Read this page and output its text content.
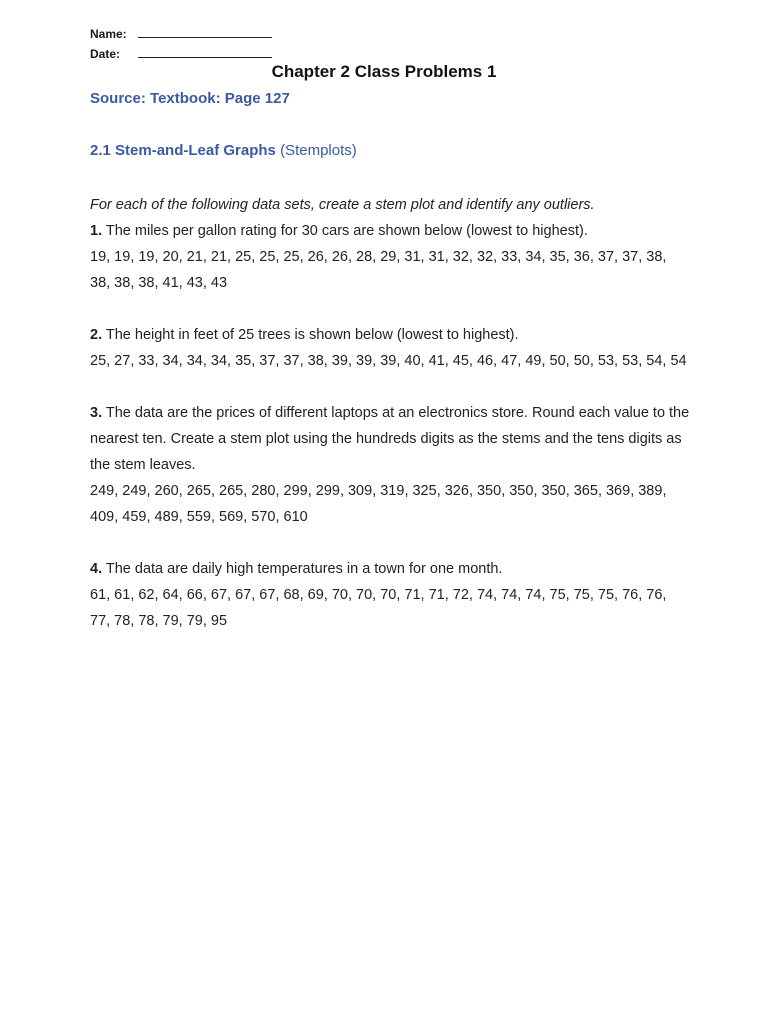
Name:
Date:
Chapter 2 Class Problems 1
Source: Textbook: Page 127
2.1 Stem-and-Leaf Graphs (Stemplots)

For each of the following data sets, create a stem plot and identify any outliers.

1. The miles per gallon rating for 30 cars are shown below (lowest to highest).

19, 19, 19, 20, 21, 21, 25, 25, 25, 26, 26, 28, 29, 31, 31, 32, 32, 33, 34, 35, 36, 37, 37, 38, 38, 38, 38, 41, 43, 43

2. The height in feet of 25 trees is shown below (lowest to highest).

25, 27, 33, 34, 34, 34, 35, 37, 37, 38, 39, 39, 39, 40, 41, 45, 46, 47, 49, 50, 50, 53, 53, 54, 54

3. The data are the prices of different laptops at an electronics store. Round each value to the nearest ten. Create a stem plot using the hundreds digits as the stems and the tens digits as the stem leaves.

249, 249, 260, 265, 265, 280, 299, 299, 309, 319, 325, 326, 350, 350, 350, 365, 369, 389, 409, 459, 489, 559, 569, 570, 610

4. The data are daily high temperatures in a town for one month.

61, 61, 62, 64, 66, 67, 67, 67, 68, 69, 70, 70, 70, 71, 71, 72, 74, 74, 74, 75, 75, 75, 76, 76, 77, 78, 78, 79, 79, 95
